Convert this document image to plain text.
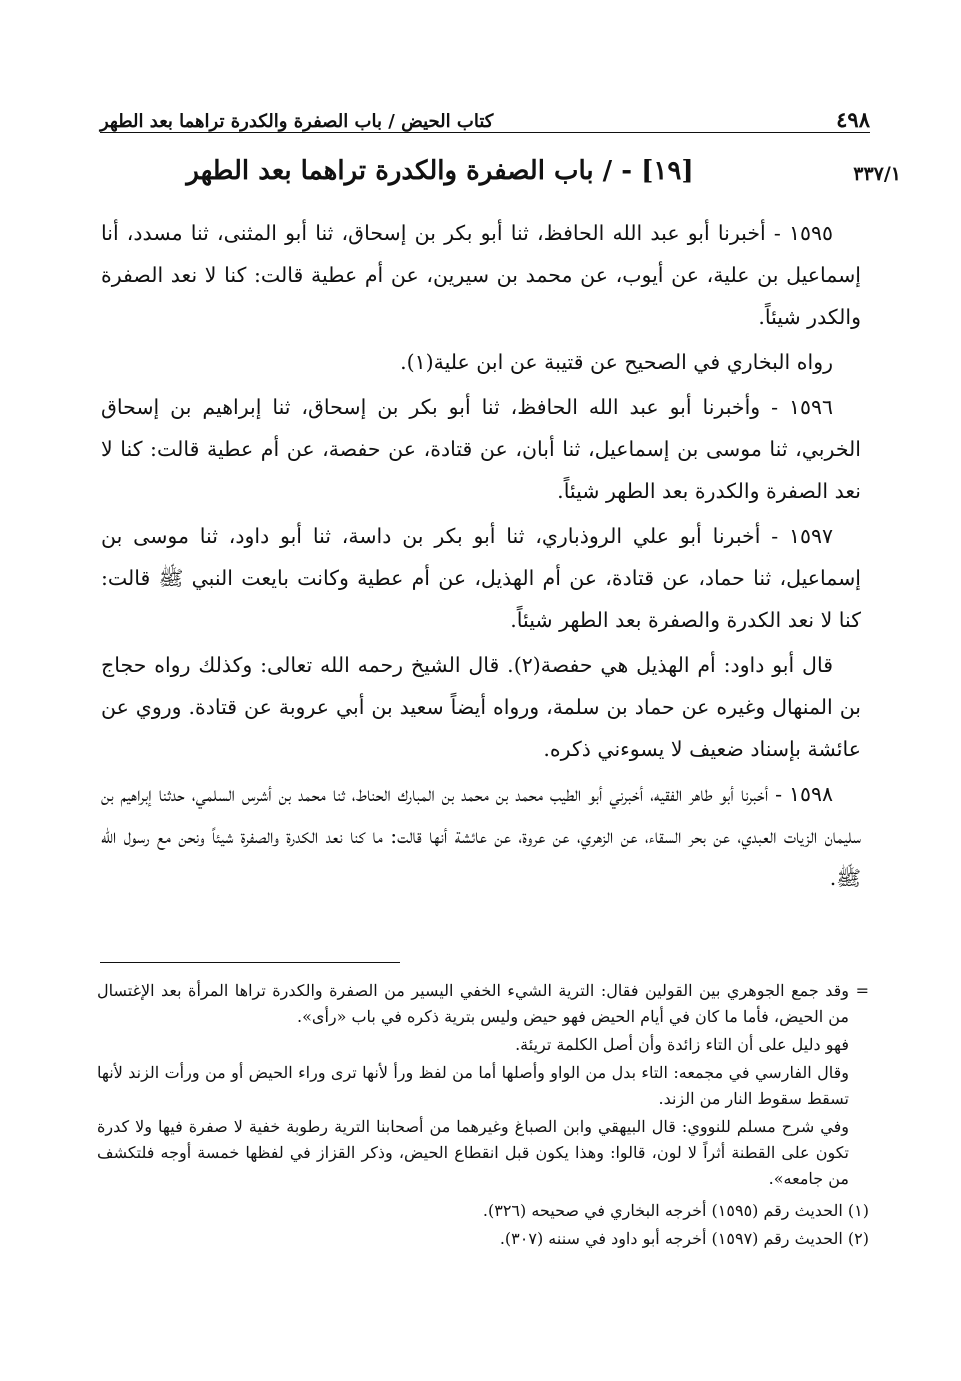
٤٩٨
كتاب الحيض / باب الصفرة والكدرة تراهما بعد الطهر
٣٣٧/١
[١٩] - / باب الصفرة والكدرة تراهما بعد الطهر

١٥٩٥ - أخبرنا أبو عبد الله الحافظ، ثنا أبو بكر بن إسحاق، ثنا أبو المثنى، ثنا مسدد، أنا إسماعيل بن علية، عن أيوب، عن محمد بن سيرين، عن أم عطية قالت: كنا لا نعد الصفرة والكدر شيئاً.

رواه البخاري في الصحيح عن قتيبة عن ابن علية(١).

١٥٩٦ - وأخبرنا أبو عبد الله الحافظ، ثنا أبو بكر بن إسحاق، ثنا إبراهيم بن إسحاق الخربي، ثنا موسى بن إسماعيل، ثنا أبان، عن قتادة، عن حفصة، عن أم عطية قالت: كنا لا نعد الصفرة والكدرة بعد الطهر شيئاً.

١٥٩٧ - أخبرنا أبو علي الروذباري، ثنا أبو بكر بن داسة، ثنا أبو داود، ثنا موسى بن إسماعيل، ثنا حماد، عن قتادة، عن أم الهذيل، عن أم عطية وكانت بايعت النبي ﷺ قالت: كنا لا نعد الكدرة والصفرة بعد الطهر شيئاً.

قال أبو داود: أم الهذيل هي حفصة(٢). قال الشيخ رحمه الله تعالى: وكذلك رواه حجاج بن المنهال وغيره عن حماد بن سلمة، ورواه أيضاً سعيد بن أبي عروبة عن قتادة. وروي عن عائشة بإسناد ضعيف لا يسوءني ذكره.

١٥٩٨ - أخبرنا أبو طاهر الفقيه، أخبرني أبو الطيب محمد بن محمد بن المبارك الحناط، ثنا محمد بن أشرس السلمي، حدثنا إبراهيم بن سليمان الزيات العبدي، عن بحر السقاء، عن الزهري، عن عروة، عن عائشة أنها قالت: ما كنا نعد الكدرة والصفرة شيئاً ونحن مع رسول الله ﷺ.

=وقد جمع الجوهري بين القولين فقال: الترية الشيء الخفي اليسير من الصفرة والكدرة تراها المرأة بعد الإغتسال من الحيض، فأما ما كان في أيام الحيض فهو حيض وليس بترية ذكره في باب «رأى».

فهو دليل على أن التاء زائدة وأن أصل الكلمة تريئة.

وقال الفارسي في مجمعه: التاء بدل من الواو وأصلها أما من لفظ ورأ لأنها ترى وراء الحيض أو من ورأت الزند لأنها تسقط سقوط النار من الزند.

وفي شرح مسلم للنووي: قال البيهقي وابن الصباغ وغيرهما من أصحابنا الترية رطوبة خفية لا صفرة فيها ولا كدرة تكون على القطنة أثراً لا لون، قالوا: وهذا يكون قبل انقطاع الحيض، وذكر القزاز في لفظها خمسة أوجه فلتكشف من جامعه».

(١) الحديث رقم (١٥٩٥) أخرجه البخاري في صحيحه (٣٢٦).

(٢) الحديث رقم (١٥٩٧) أخرجه أبو داود في سننه (٣٠٧).
